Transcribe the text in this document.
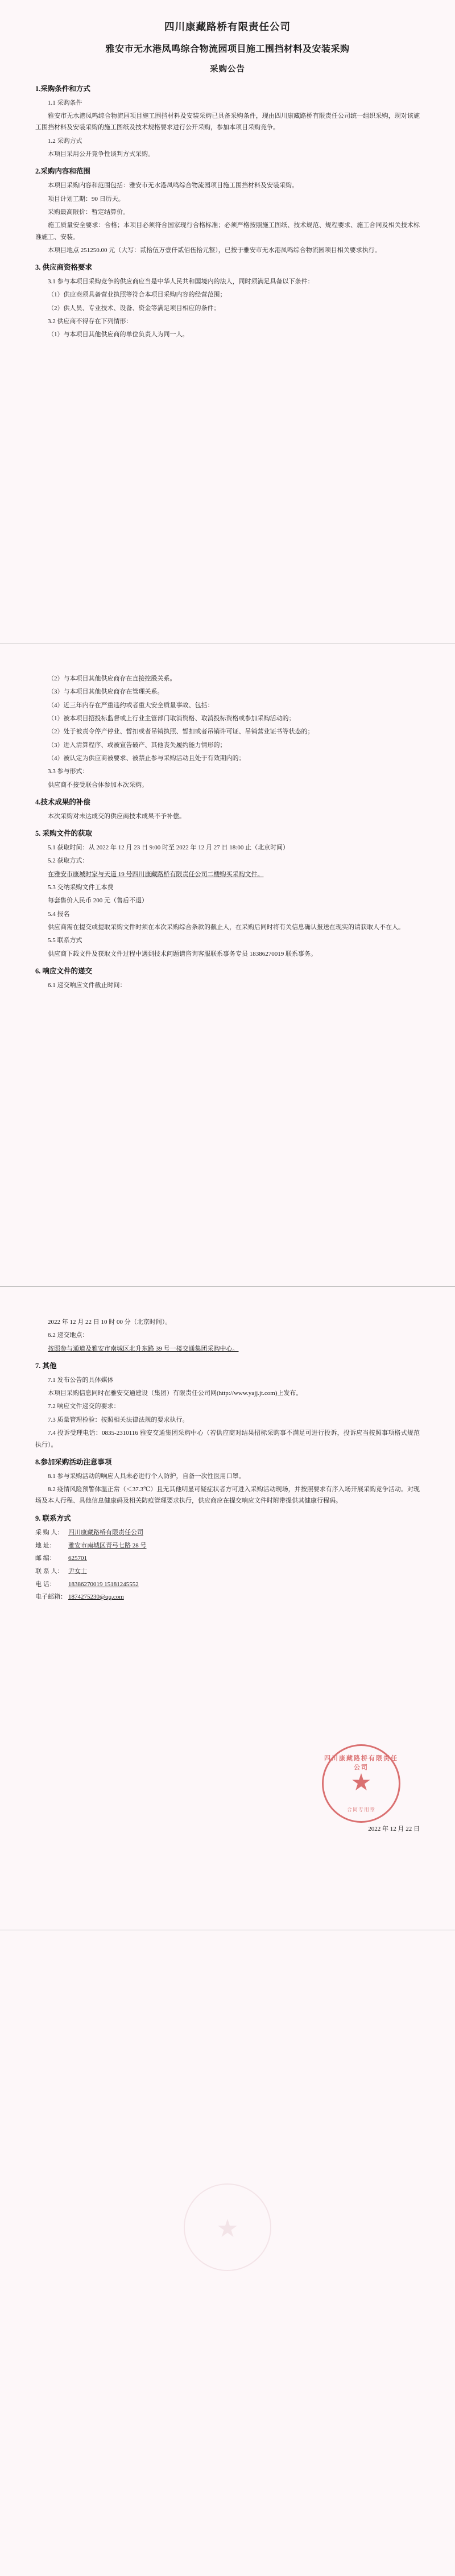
四川康藏路桥有限责任公司
雅安市无水港凤鸣综合物流园项目施工围挡材料及安装采购
采购公告
1.采购条件和方式

1.1 采购条件

雅安市无水港凤鸣综合物流园项目施工围挡材料及安装采购已具备采购条件，现由四川康藏路桥有限责任公司统一组织采购，现对该施工围挡材料及安装采购的施工图纸及技术规格要求进行公开采购，参加本项目采购竞争。

1.2 采购方式

本项目采用公开竞争性谈判方式采购。

2.采购内容和范围

本项目采购内容和范围包括：雅安市无水港凤鸣综合物流园项目施工围挡材料及安装采购。

项目计划工期：90 日历天。

采购最高限价：暂定结算价。

施工质量安全要求：合格；本项目必须符合国家现行合格标准；必须严格按照施工图纸、技术规范、规程要求、施工合同及相关技术标准施工、安装。

本项目地点 251250.00 元（大写：贰拾伍万壹仟贰佰伍拾元整），已按于雅安市无水港凤鸣综合物流园项目相关要求执行。

3. 供应商资格要求

3.1 参与本项目采购竞争的供应商应当是中华人民共和国境内的法人，同时须满足具备以下条件：

（1）供应商须具备营业执照等符合本项目采购内容的经营范围；

（2）供人员、专业技术、设备、资金等满足项目相应的条件；

3.2 供应商不得存在下列情形：

（1）与本项目其他供应商的单位负责人为同一人。

（2）与本项目其他供应商存在直接控股关系。

（3）与本项目其他供应商存在管理关系。

（4）近三年内存在严重违约或者重大安全质量事故、包括：

（1）被本项目招投标监督或上行业主管部门取消资格、取消投标资格或参加采购活动的；

（2）处于被责令停产停业、暂扣或者吊销执照、暂扣或者吊销许可证、吊销营业证书等状态的；

（3）进入清算程序、或被宣告破产、其他丧失履约能力情形的；

（4）被认定为供应商被要求、被禁止参与采购活动且处于有效期内的；

3.3 参与形式：

供应商不接受联合体参加本次采购。

4.技术成果的补偿

本次采购对未达成交的供应商技术成果不予补偿。

5. 采购文件的获取

5.1 获取时间：从 2022 年 12 月 23 日 9:00 时至 2022 年 12 月 27 日 18:00 止（北京时间）

5.2 获取方式：

在雅安市康城时家与天道 19 号四川康藏路桥有限责任公司二楼购买采购文件。

5.3 交纳采购文件工本费

每套售价人民币 200 元（售后不退）

5.4 报名

供应商需在提交或提取采购文件时须在本次采购综合条款的截止人，在采购后同时将有关信息确认报送在现实的请获取人不在人。

5.5 联系方式

供应商下载文件及获取文件过程中遇到技术问题请咨询客服联系事务专员 18386270019 联系事务。

6. 响应文件的递交

6.1 递交响应文件截止时间：

2022 年 12 月 22 日 10 时 00 分（北京时间）。

6.2 递交地点：

按照参与通道及雅安市南城区北升东路 39 号一楼交通集团采购中心。

7. 其他

7.1 发布公告的具体媒体

本项目采购信息同时在雅安交通建设（集团）有限责任公司网(http://www.yajj.jt.com)上发布。

7.2 响应文件递交的要求：

7.3 质量管理检验：按照相关法律法规的要求执行。

7.4 投诉受理电话：0835-2310116 雅安交通集团采购中心（若供应商对结果招标采购事不满足可进行投诉，投诉应当按照事项格式规范执行）。

8.参加采购活动注意事项

8.1 参与采购活动的响应人具未必进行个人防护，自备一次性医用口罩。

8.2 疫情风险预警体温正常（＜37.3℃）且无其他明显可疑症状者方可进入采购活动现场，并按照要求有序入场开展采购竞争活动。对现场及本人行程、具他信息健康码及相关防疫管理要求执行，供应商应在提交响应文件时附带提供其健康行程码。

9. 联系方式
采 购 人： 四川康藏路桥有限责任公司
地 址：	雅安市南城区青弓七路 28 号
邮 编：	625701
联 系 人： 尹女士
电 话：	18386270019 15181245552
电子邮箱： 1874275230@qq.com
四川康藏路桥有限责任公司
★
合同专用章
2022 年 12 月 22 日
★
